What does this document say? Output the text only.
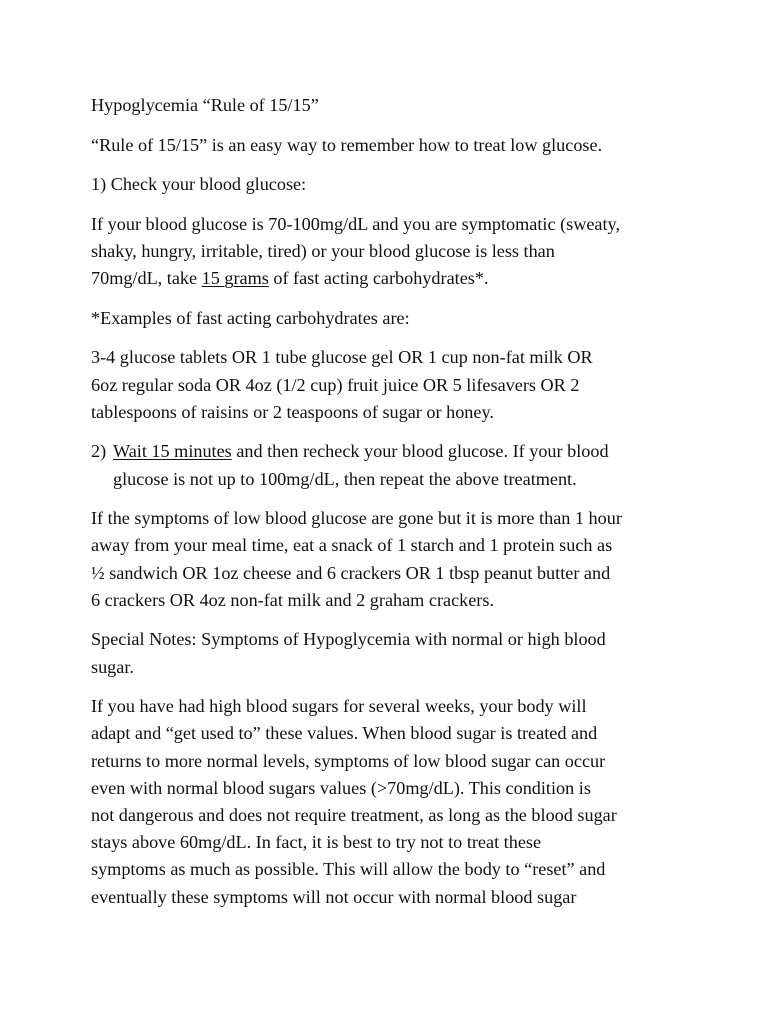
Hypoglycemia “Rule of 15/15”

“Rule of 15/15” is an easy way to remember how to treat low glucose.

1) Check your blood glucose:

If your blood glucose is 70-100mg/dL and you are symptomatic (sweaty,
shaky, hungry, irritable, tired) or your blood glucose is less than
70mg/dL, take 15 grams of fast acting carbohydrates*.

*Examples of fast acting carbohydrates are:

3-4 glucose tablets OR 1 tube glucose gel OR 1 cup non-fat milk OR
6oz regular soda OR 4oz (1/2 cup) fruit juice OR 5 lifesavers OR 2
tablespoons of raisins or 2 teaspoons of sugar or honey.

2) Wait 15 minutes and then recheck your blood glucose. If your blood
glucose is not up to 100mg/dL, then repeat the above treatment.

If the symptoms of low blood glucose are gone but it is more than 1 hour
away from your meal time, eat a snack of 1 starch and 1 protein such as
½ sandwich OR 1oz cheese and 6 crackers OR 1 tbsp peanut butter and
6 crackers OR 4oz non-fat milk and 2 graham crackers.

Special Notes: Symptoms of Hypoglycemia with normal or high blood
sugar.

If you have had high blood sugars for several weeks, your body will
adapt and “get used to” these values. When blood sugar is treated and
returns to more normal levels, symptoms of low blood sugar can occur
even with normal blood sugars values (>70mg/dL). This condition is
not dangerous and does not require treatment, as long as the blood sugar
stays above 60mg/dL. In fact, it is best to try not to treat these
symptoms as much as possible. This will allow the body to “reset” and
eventually these symptoms will not occur with normal blood sugar
